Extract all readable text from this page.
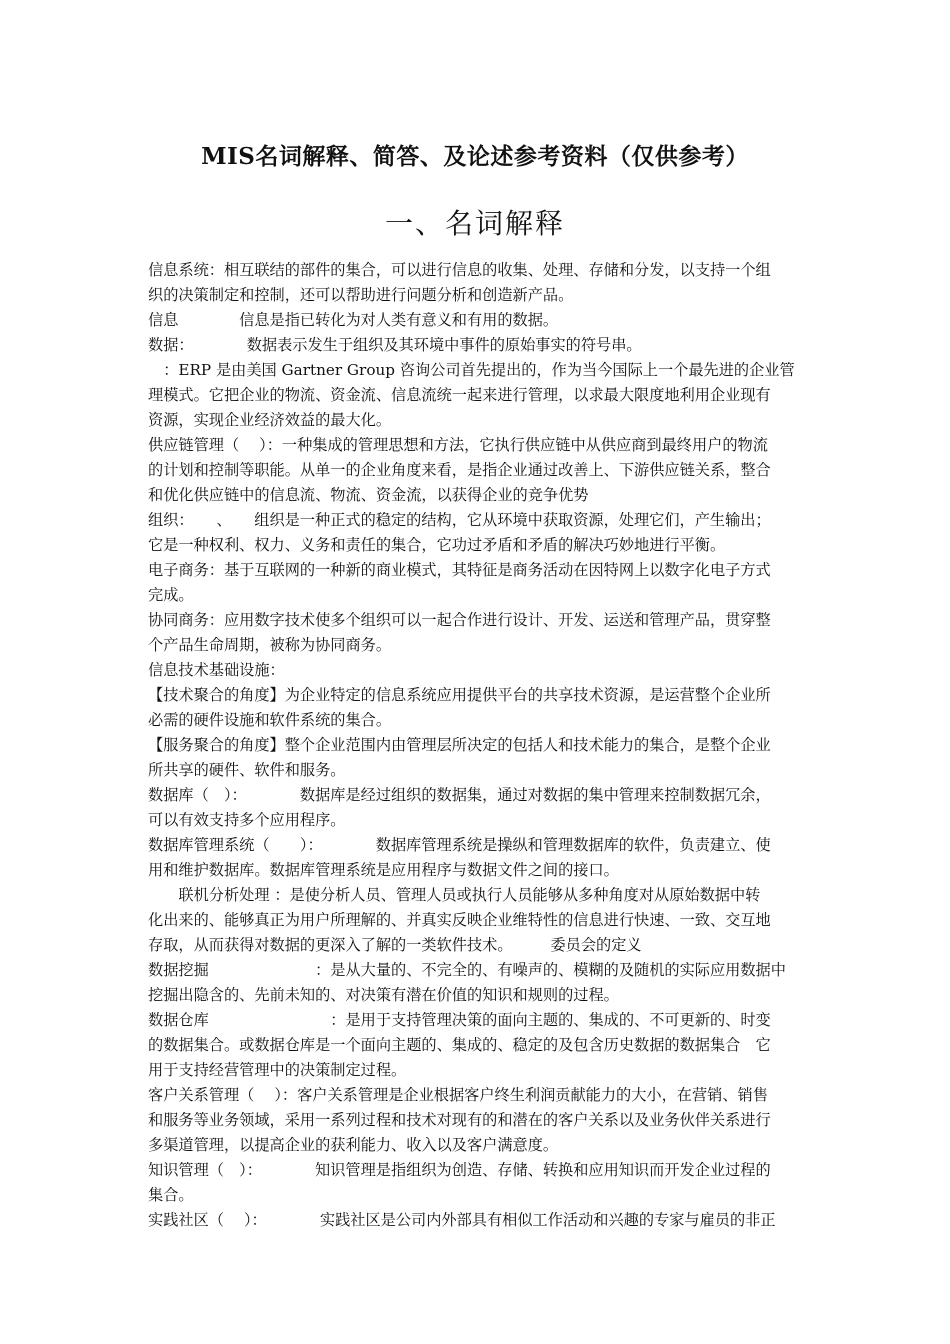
MIS名词解释、简答、及论述参考资料（仅供参考）
一、名词解释
信息系统：相互联结的部件的集合，可以进行信息的收集、处理、存储和分发，以支持一个组
织的决策制定和控制，还可以帮助进行问题分析和创造新产品。
信息　　　　信息是指已转化为对人类有意义和有用的数据。
数据：　　　　数据表示发生于组织及其环境中事件的原始事实的符号串。
　：ERP 是由美国 Gartner Group 咨询公司首先提出的，作为当今国际上一个最先进的企业管
理模式。它把企业的物流、资金流、信息流统一起来进行管理，以求最大限度地利用企业现有
资源，实现企业经济效益的最大化。
供应链管理（　 ）：一种集成的管理思想和方法，它执行供应链中从供应商到最终用户的物流
的计划和控制等职能。从单一的企业角度来看，是指企业通过改善上、下游供应链关系，整合
和优化供应链中的信息流、物流、资金流，以获得企业的竞争优势
组织：　　、　　组织是一种正式的稳定的结构，它从环境中获取资源，处理它们，产生输出；
它是一种权利、权力、义务和责任的集合，它功过矛盾和矛盾的解决巧妙地进行平衡。
电子商务：基于互联网的一种新的商业模式，其特征是商务活动在因特网上以数字化电子方式
完成。
协同商务：应用数字技术使多个组织可以一起合作进行设计、开发、运送和管理产品，贯穿整
个产品生命周期，被称为协同商务。
信息技术基础设施：
【技术聚合的角度】为企业特定的信息系统应用提供平台的共享技术资源，是运营整个企业所
必需的硬件设施和软件系统的集合。
【服务聚合的角度】整个企业范围内由管理层所决定的包括人和技术能力的集合，是整个企业
所共享的硬件、软件和服务。
数据库（　）：　　　　数据库是经过组织的数据集，通过对数据的集中管理来控制数据冗余，
可以有效支持多个应用程序。
数据库管理系统（　　）：　　　　数据库管理系统是操纵和管理数据库的软件，负责建立、使
用和维护数据库。数据库管理系统是应用程序与数据文件之间的接口。
　　联机分析处理 ：是使分析人员、管理人员或执行人员能够从多种角度对从原始数据中转
化出来的、能够真正为用户所理解的、并真实反映企业维特性的信息进行快速、一致、交互地
存取，从而获得对数据的更深入了解的一类软件技术。　　　委员会的定义
数据挖掘　　　　　　　：是从大量的、不完全的、有噪声的、模糊的及随机的实际应用数据中
挖掘出隐含的、先前未知的、对决策有潜在价值的知识和规则的过程。
数据仓库　　　　　　　　：是用于支持管理决策的面向主题的、集成的、不可更新的、时变
的数据集合。或数据仓库是一个面向主题的、集成的、稳定的及包含历史数据的数据集合　它
用于支持经营管理中的决策制定过程。
客户关系管理（　 ）：客户关系管理是企业根据客户终生利润贡献能力的大小，在营销、销售
和服务等业务领域，采用一系列过程和技术对现有的和潜在的客户关系以及业务伙伴关系进行
多渠道管理，以提高企业的获利能力、收入以及客户满意度。
知识管理（　）：　　　　知识管理是指组织为创造、存储、转换和应用知识而开发企业过程的
集合。
实践社区（　 ）：　　　　实践社区是公司内外部具有相似工作活动和兴趣的专家与雇员的非正
